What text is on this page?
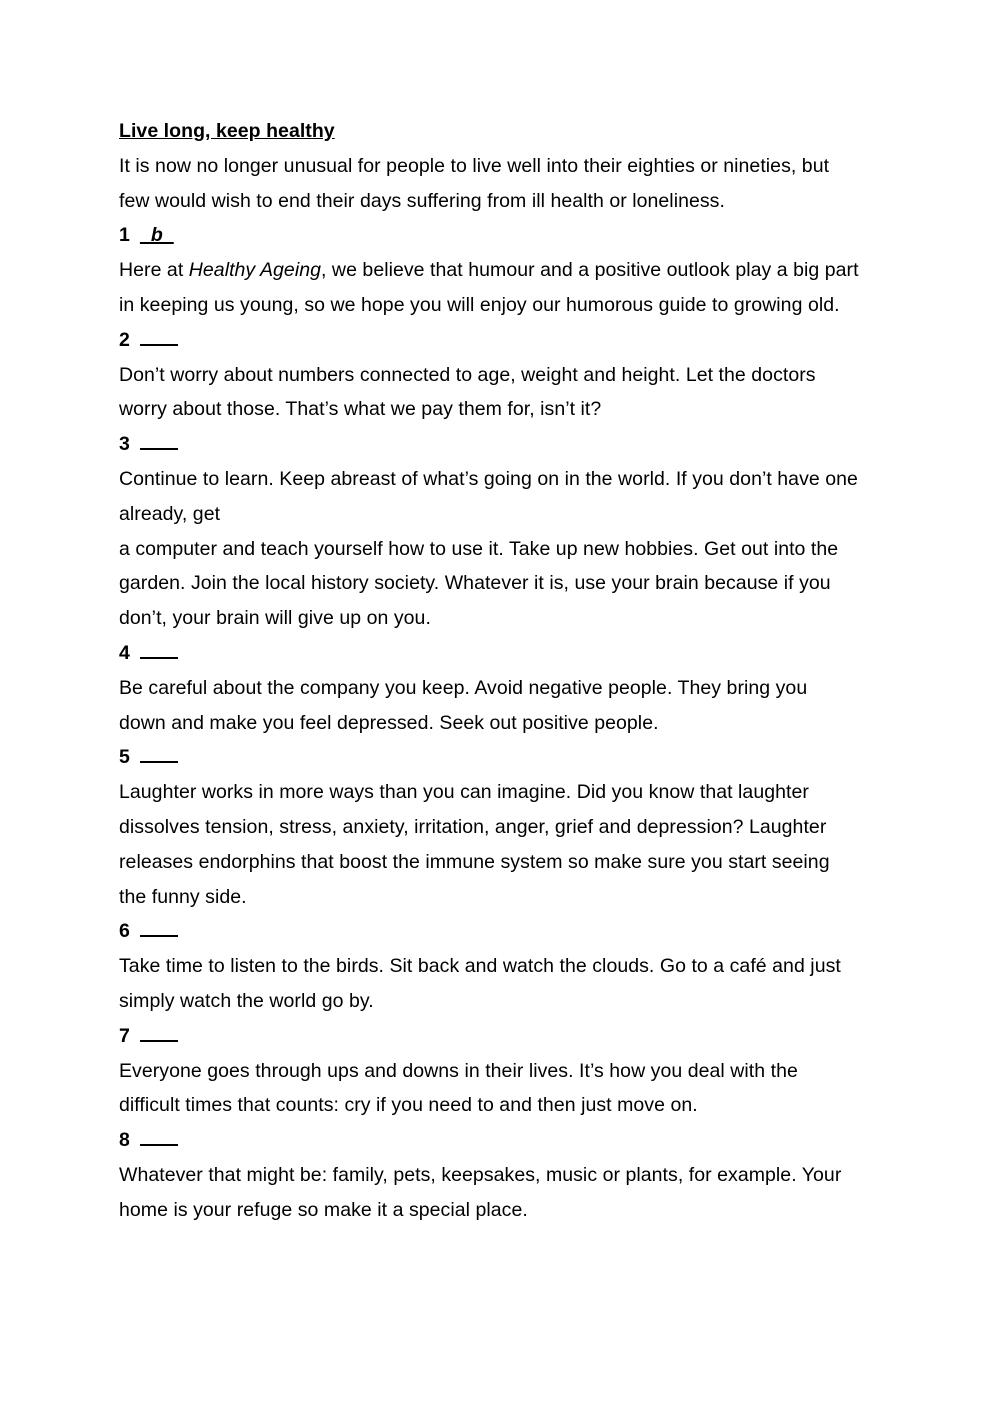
Live long, keep healthy

It is now no longer unusual for people to live well into their eighties or nineties, but

few would wish to end their days suffering from ill health or loneliness.

1  b

Here at Healthy Ageing, we believe that humour and a positive outlook play a big part

in keeping us young, so we hope you will enjoy our humorous guide to growing old.

2

Don’t worry about numbers connected to age, weight and height. Let the doctors

worry about those. That’s what we pay them for, isn’t it?

3

Continue to learn. Keep abreast of what’s going on in the world. If you don’t have one

already, get

a computer and teach yourself how to use it. Take up new hobbies. Get out into the

garden. Join the local history society. Whatever it is, use your brain because if you

don’t, your brain will give up on you.

4

Be careful about the company you keep. Avoid negative people. They bring you

down and make you feel depressed. Seek out positive people.

5

Laughter works in more ways than you can imagine. Did you know that laughter

dissolves tension, stress, anxiety, irritation, anger, grief and depression? Laughter

releases endorphins that boost the immune system so make sure you start seeing

the funny side.

6

Take time to listen to the birds. Sit back and watch the clouds. Go to a café and just

simply watch the world go by.

7

Everyone goes through ups and downs in their lives. It’s how you deal with the

difficult times that counts: cry if you need to and then just move on.

8

Whatever that might be: family, pets, keepsakes, music or plants, for example. Your

home is your refuge so make it a special place.
